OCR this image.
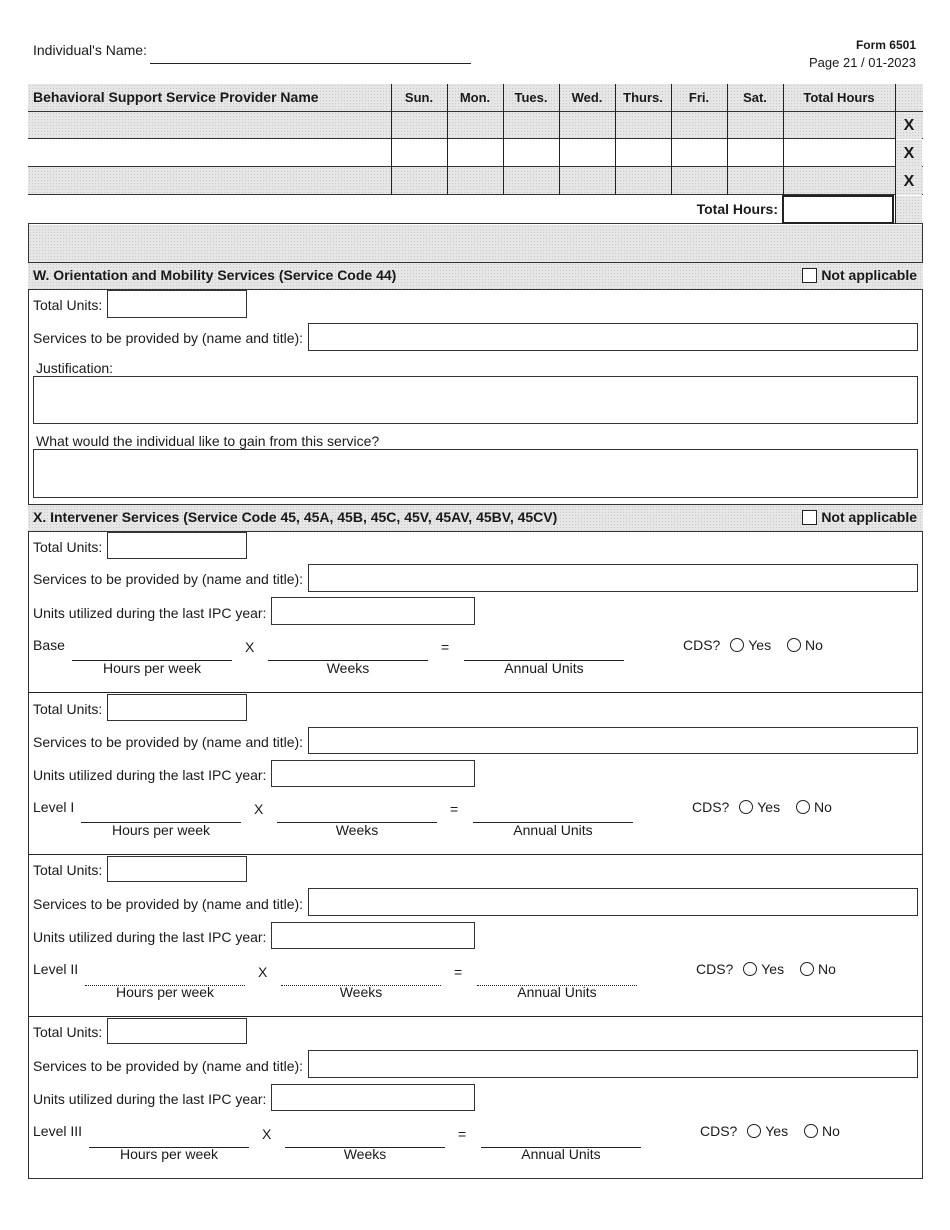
Individual's Name:	Form 6501
Page 21 / 01-2023
Behavioral Support Service Provider Name	Sun.	Mon.	Tues.	Wed.	Thurs.	Fri.	Sat.	Total Hours
X
X
X
Total Hours:
W. Orientation and Mobility Services (Service Code 44)	Not applicable
Total Units:
Services to be provided by (name and title):
Justification:
What would the individual like to gain from this service?
X. Intervener Services (Service Code 45, 45A, 45B, 45C, 45V, 45AV, 45BV, 45CV)	Not applicable
Total Units:
Services to be provided by (name and title):
Units utilized during the last IPC year:
Base	X	=
Hours per week	Weeks	Annual Units
CDS? Yes No
Total Units:
Services to be provided by (name and title):
Units utilized during the last IPC year:
Level I	X	=
Hours per week	Weeks	Annual Units
CDS? Yes No
Total Units:
Services to be provided by (name and title):
Units utilized during the last IPC year:
Level II	X	=
Hours per week	Weeks	Annual Units
CDS? Yes No
Total Units:
Services to be provided by (name and title):
Units utilized during the last IPC year:
Level III	X	=
Hours per week	Weeks	Annual Units
CDS? Yes No
